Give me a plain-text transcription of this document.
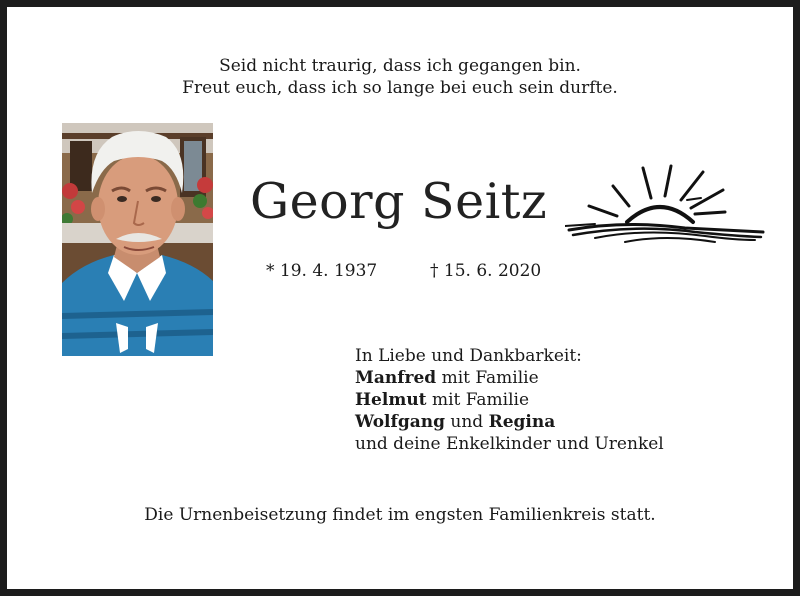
Seid nicht traurig, dass ich gegangen bin.
Freut euch, dass ich so lange bei euch sein durfte.
Georg Seitz
* 19. 4. 1937	† 15. 6. 2020
In Liebe und Dankbarkeit:
Manfred mit Familie
Helmut mit Familie
Wolfgang und Regina
und deine Enkelkinder und Urenkel
Die Urnenbeisetzung findet im engsten Familienkreis statt.
